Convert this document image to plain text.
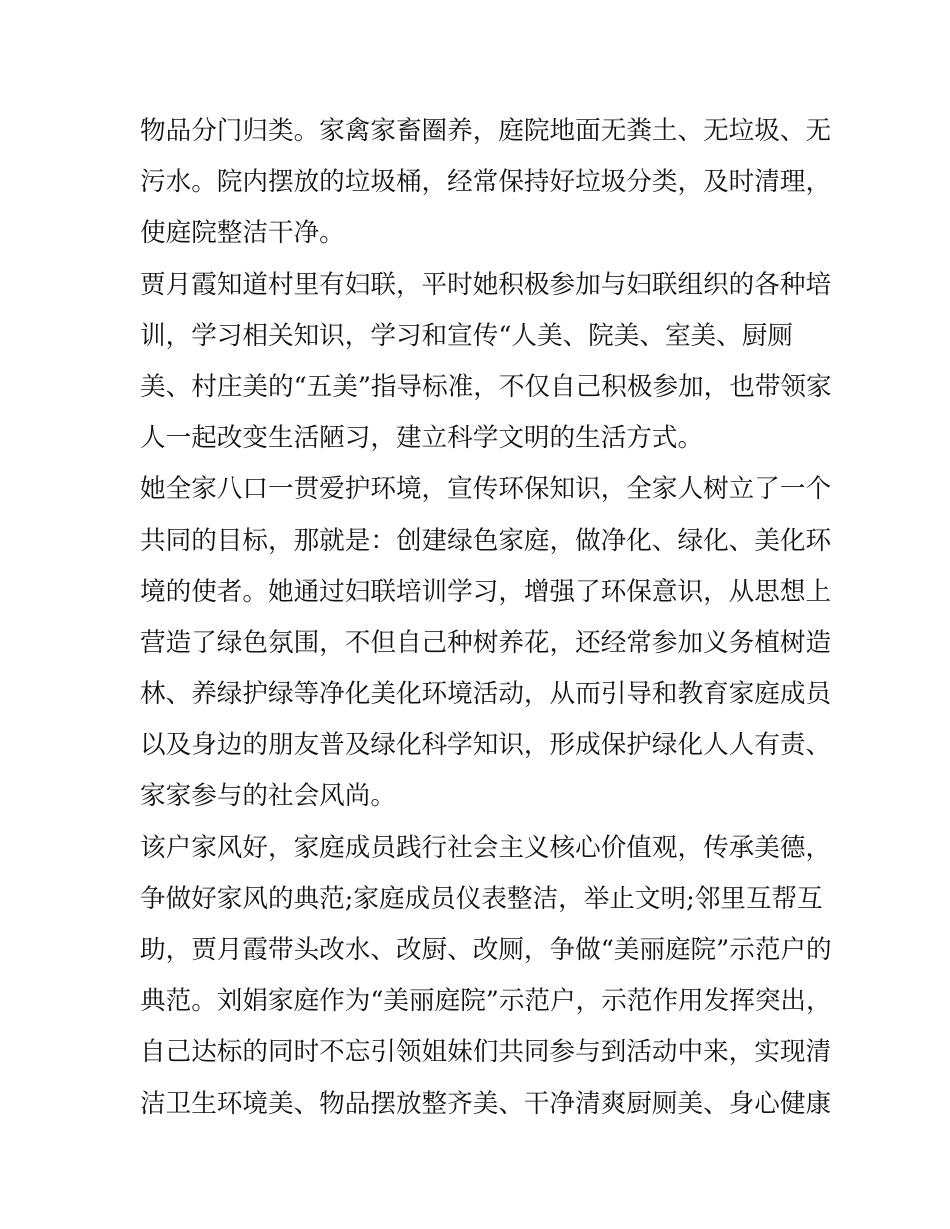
物品分门归类。家禽家畜圈养，庭院地面无粪土、无垃圾、无
污水。院内摆放的垃圾桶，经常保持好垃圾分类，及时清理，
使庭院整洁干净。
贾月霞知道村里有妇联，平时她积极参加与妇联组织的各种培
训，学习相关知识，学习和宣传“人美、院美、室美、厨厕
美、村庄美的“五美”指导标准，不仅自己积极参加，也带领家
人一起改变生活陋习，建立科学文明的生活方式。
她全家八口一贯爱护环境，宣传环保知识，全家人树立了一个
共同的目标，那就是：创建绿色家庭，做净化、绿化、美化环
境的使者。她通过妇联培训学习，增强了环保意识，从思想上
营造了绿色氛围，不但自己种树养花，还经常参加义务植树造
林、养绿护绿等净化美化环境活动，从而引导和教育家庭成员
以及身边的朋友普及绿化科学知识，形成保护绿化人人有责、
家家参与的社会风尚。
该户家风好，家庭成员践行社会主义核心价值观，传承美德，
争做好家风的典范;家庭成员仪表整洁，举止文明;邻里互帮互
助，贾月霞带头改水、改厨、改厕，争做“美丽庭院”示范户的
典范。刘娟家庭作为“美丽庭院”示范户，示范作用发挥突出，
自己达标的同时不忘引领姐妹们共同参与到活动中来，实现清
洁卫生环境美、物品摆放整齐美、干净清爽厨厕美、身心健康
